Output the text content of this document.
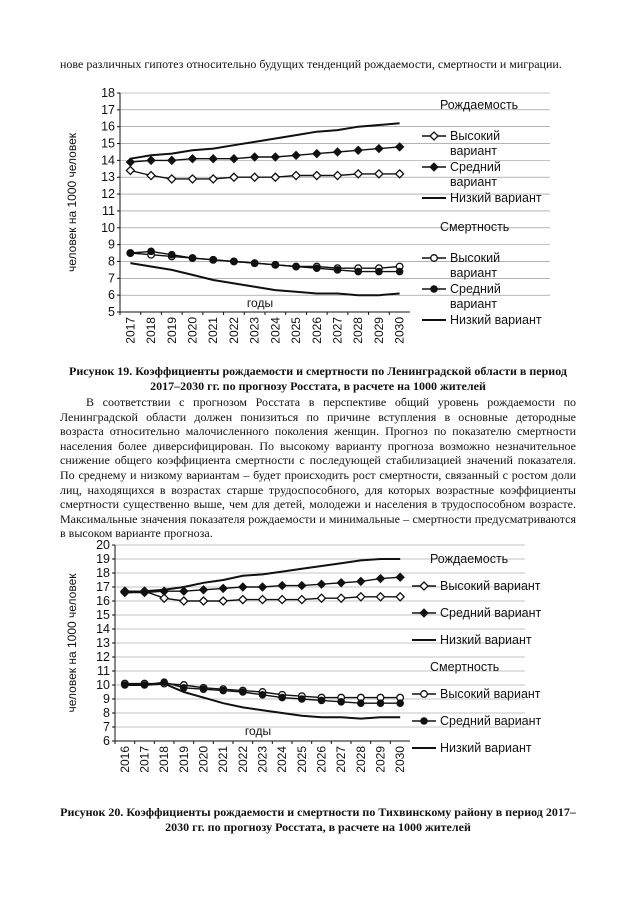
нове различных гипотез относительно будущих тенденций рождаемости, смертности и миграции.

5
6
7
8
9
10
11
12
13
14
15
16
17
18
2017 2018 2019 2020 2021 2022 2023 2024 2025 2026 2027 2028 2029 2030
человек на 1000 человек
годы
Рождаемость
Высокий вариант
Средний вариант
Низкий вариант
Смертность
Высокий вариант
Средний вариант
Низкий вариант

Рисунок 19. Коэффициенты рождаемости и смертности по Ленинградской области в период 2017–2030 гг. по прогнозу Росстата, в расчете на 1000 жителей

В соответствии с прогнозом Росстата в перспективе общий уровень рождаемости по Ленинградской области должен понизиться по причине вступления в основные детородные возраста относительно малочисленного поколения женщин. Прогноз по показателю смертности населения более диверсифицирован. По высокому варианту прогноза возможно незначительное снижение общего коэффициента смертности с последующей стабилизацией значений показателя. По среднему и низкому вариантам – будет происходить рост смертности, связанный с ростом доли лиц, находящихся в возрастах старше трудоспособного, для которых возрастные коэффициенты смертности существенно выше, чем для детей, молодежи и населения в трудоспособном возрасте. Максимальные значения показателя рождаемости и минимальные – смертности предусматриваются в высоком варианте прогноза.

6
7
8
9
10
11
12
13
14
15
16
17
18
19
20
2016 2017 2018 2019 2020 2021 2022 2023 2024 2025 2026 2027 2028 2029 2030
человек на 1000 человек
годы
Рождаемость
Высокий вариант
Средний вариант
Низкий вариант
Смертность
Высокий вариант
Средний вариант
Низкий вариант

Рисунок 20. Коэффициенты рождаемости и смертности по Тихвинскому району в период 2017–2030 гг. по прогнозу Росстата, в расчете на 1000 жителей
